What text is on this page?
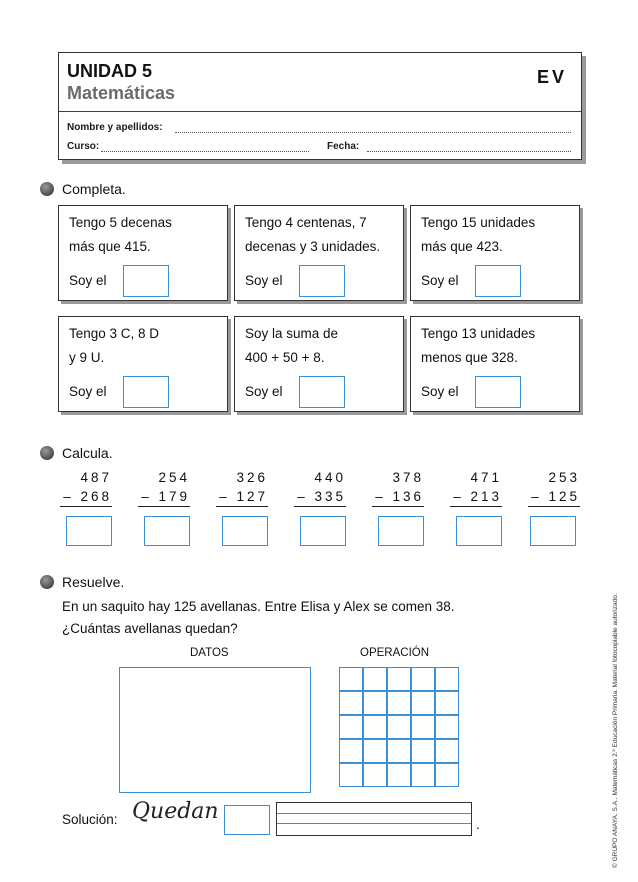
UNIDAD 5
Matemáticas
EV
Nombre y apellidos:
Curso:	Fecha:
Completa.
Tengo 5 decenas
más que 415.
Soy el
Tengo 4 centenas, 7
decenas y 3 unidades.
Soy el
Tengo 15 unidades
más que 423.
Soy el
Tengo 3 C, 8 D
y 9 U.
Soy el
Soy la suma de
400 + 50 + 8.
Soy el
Tengo 13 unidades
menos que 328.
Soy el
Calcula.
487
– 268
254
– 179
326
– 127
440
– 335
378
– 136
471
– 213
253
– 125
Resuelve.
En un saquito hay 125 avellanas. Entre Elisa y Alex se comen 38.
¿Cuántas avellanas quedan?
DATOS	OPERACIÓN
Solución: Quedan
.	© GRUPO ANAYA, S.A., Matemáticas 2.º Educación Primaria. Material fotocopiable autorizado.
